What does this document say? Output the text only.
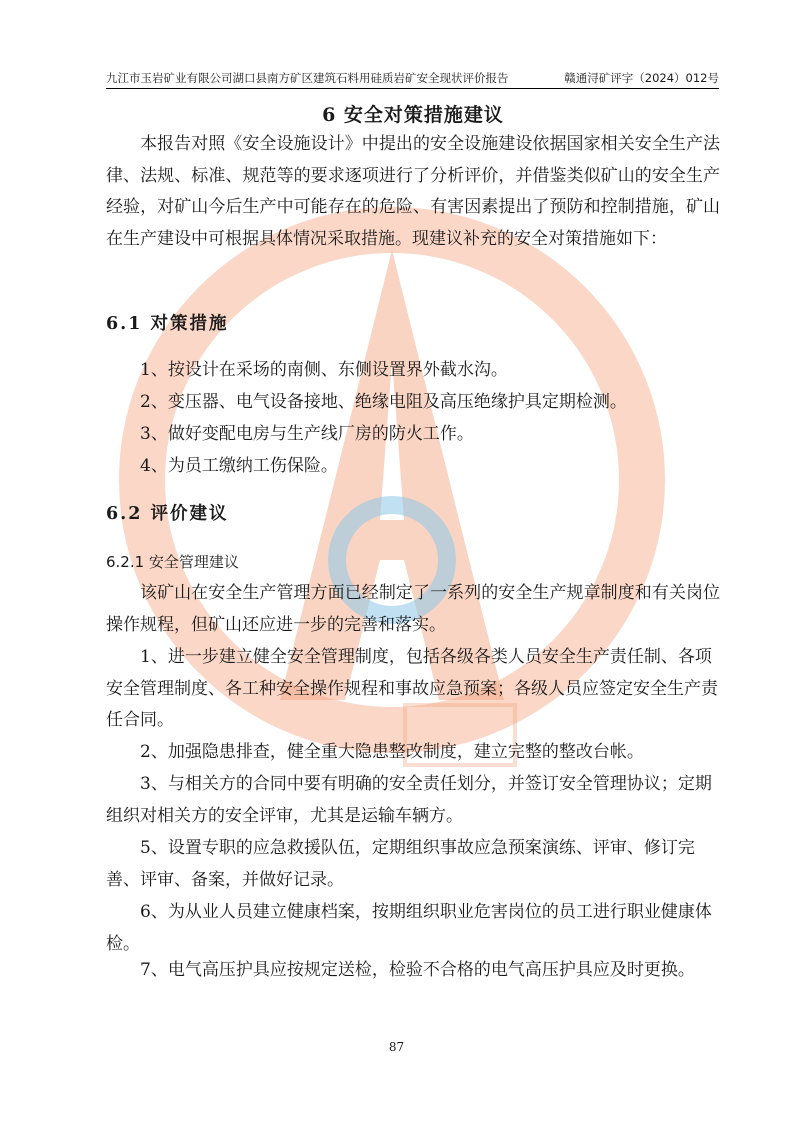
九江市玉岩矿业有限公司湖口县南方矿区建筑石料用硅质岩矿安全现状评价报告	赣通浔矿评字（2024）012号
6 安全对策措施建议

本报告对照《安全设施设计》中提出的安全设施建设依据国家相关安全生产法律、法规、标准、规范等的要求逐项进行了分析评价，并借鉴类似矿山的安全生产经验，对矿山今后生产中可能存在的危险、有害因素提出了预防和控制措施，矿山在生产建设中可根据具体情况采取措施。现建议补充的安全对策措施如下：

6.1 对策措施

1、按设计在采场的南侧、东侧设置界外截水沟。

2、变压器、电气设备接地、绝缘电阻及高压绝缘护具定期检测。

3、做好变配电房与生产线厂房的防火工作。

4、为员工缴纳工伤保险。

6.2 评价建议
6.2.1 安全管理建议

该矿山在安全生产管理方面已经制定了一系列的安全生产规章制度和有关岗位操作规程，但矿山还应进一步的完善和落实。

1、进一步建立健全安全管理制度，包括各级各类人员安全生产责任制、各项安全管理制度、各工种安全操作规程和事故应急预案；各级人员应签定安全生产责任合同。

2、加强隐患排查，健全重大隐患整改制度，建立完整的整改台帐。

3、与相关方的合同中要有明确的安全责任划分，并签订安全管理协议；定期组织对相关方的安全评审，尤其是运输车辆方。

5、设置专职的应急救援队伍，定期组织事故应急预案演练、评审、修订完善、评审、备案，并做好记录。

6、为从业人员建立健康档案，按期组织职业危害岗位的员工进行职业健康体检。

7、电气高压护具应按规定送检，检验不合格的电气高压护具应及时更换。

87
